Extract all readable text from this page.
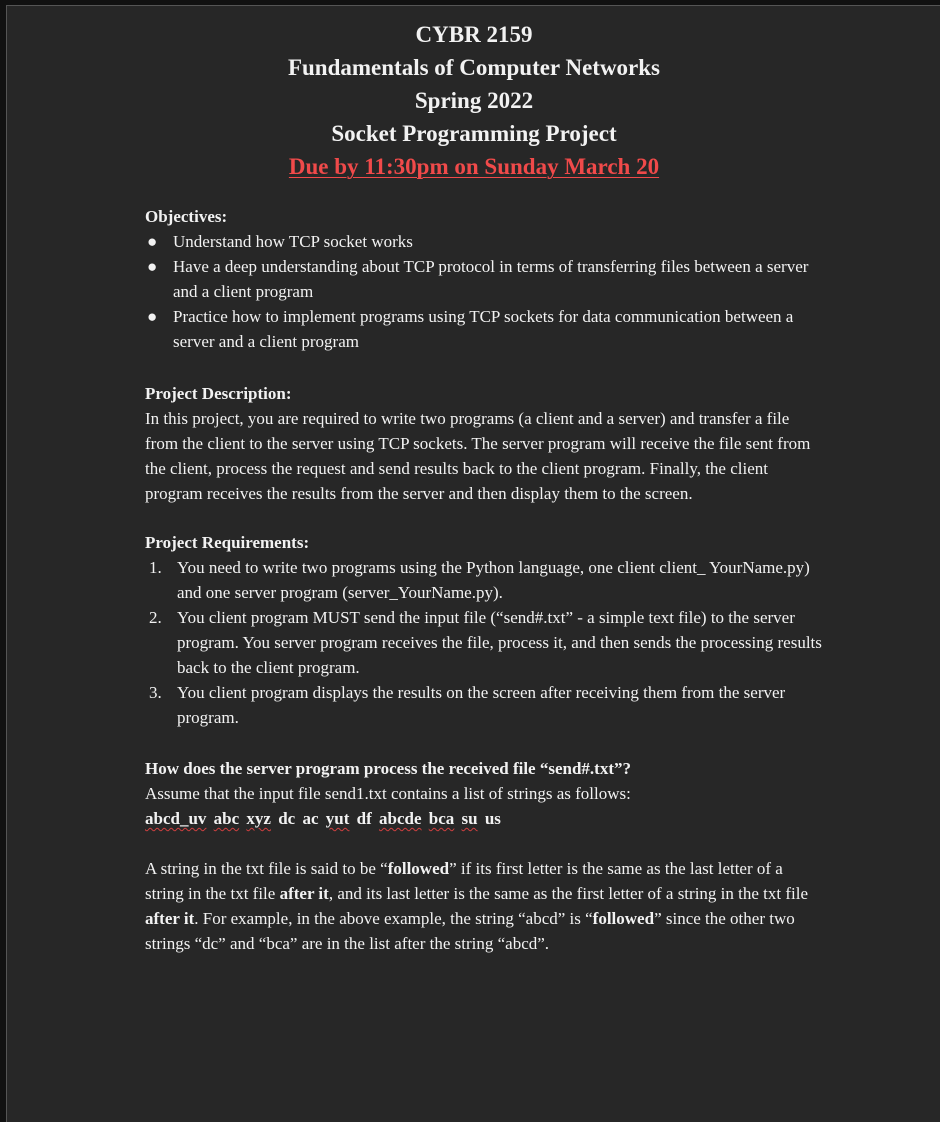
CYBR 2159
Fundamentals of Computer Networks
Spring 2022
Socket Programming Project
Due by 11:30pm on Sunday March 20
Objectives:
● Understand how TCP socket works
● Have a deep understanding about TCP protocol in terms of transferring files between a server and a client program
● Practice how to implement programs using TCP sockets for data communication between a server and a client program
Project Description:
In this project, you are required to write two programs (a client and a server) and transfer a file from the client to the server using TCP sockets. The server program will receive the file sent from the client, process the request and send results back to the client program. Finally, the client program receives the results from the server and then display them to the screen.
Project Requirements:
1. You need to write two programs using the Python language, one client client_ YourName.py) and one server program (server_YourName.py).
2. You client program MUST send the input file (“send#.txt” - a simple text file) to the server program. You server program receives the file, process it, and then sends the processing results back to the client program.
3. You client program displays the results on the screen after receiving them from the server program.
How does the server program process the received file “send#.txt”?
Assume that the input file send1.txt contains a list of strings as follows:
abcd_uv abc xyz dc ac yut df abcde bca su us
A string in the txt file is said to be “followed” if its first letter is the same as the last letter of a string in the txt file after it, and its last letter is the same as the first letter of a string in the txt file after it. For example, in the above example, the string “abcd” is “followed” since the other two strings “dc” and “bca” are in the list after the string “abcd”.
